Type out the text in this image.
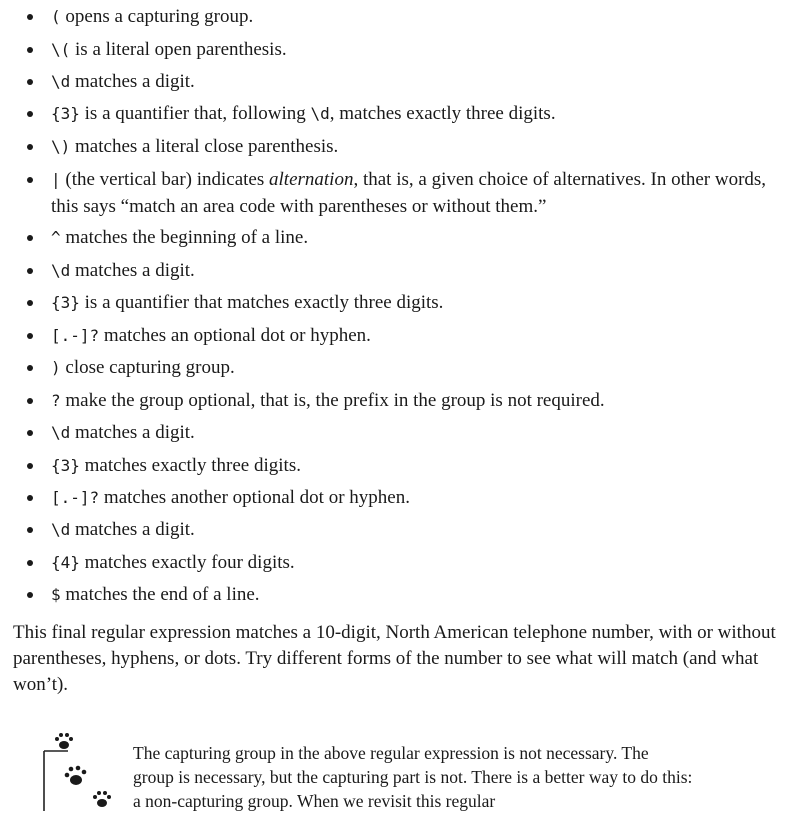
( opens a capturing group.
\( is a literal open parenthesis.
\d matches a digit.
{3} is a quantifier that, following \d, matches exactly three digits.
\) matches a literal close parenthesis.
| (the vertical bar) indicates alternation, that is, a given choice of alternatives. In other words, this says “match an area code with parentheses or without them.”
^ matches the beginning of a line.
\d matches a digit.
{3} is a quantifier that matches exactly three digits.
[.-]? matches an optional dot or hyphen.
) close capturing group.
? make the group optional, that is, the prefix in the group is not required.
\d matches a digit.
{3} matches exactly three digits.
[.-]? matches another optional dot or hyphen.
\d matches a digit.
{4} matches exactly four digits.
$ matches the end of a line.

This final regular expression matches a 10-digit, North American telephone number, with or without parentheses, hyphens, or dots. Try different forms of the number to see what will match (and what won’t).

The capturing group in the above regular expression is not necessary. The group is necessary, but the capturing part is not. There is a better way to do this: a non-capturing group. When we revisit this regular
